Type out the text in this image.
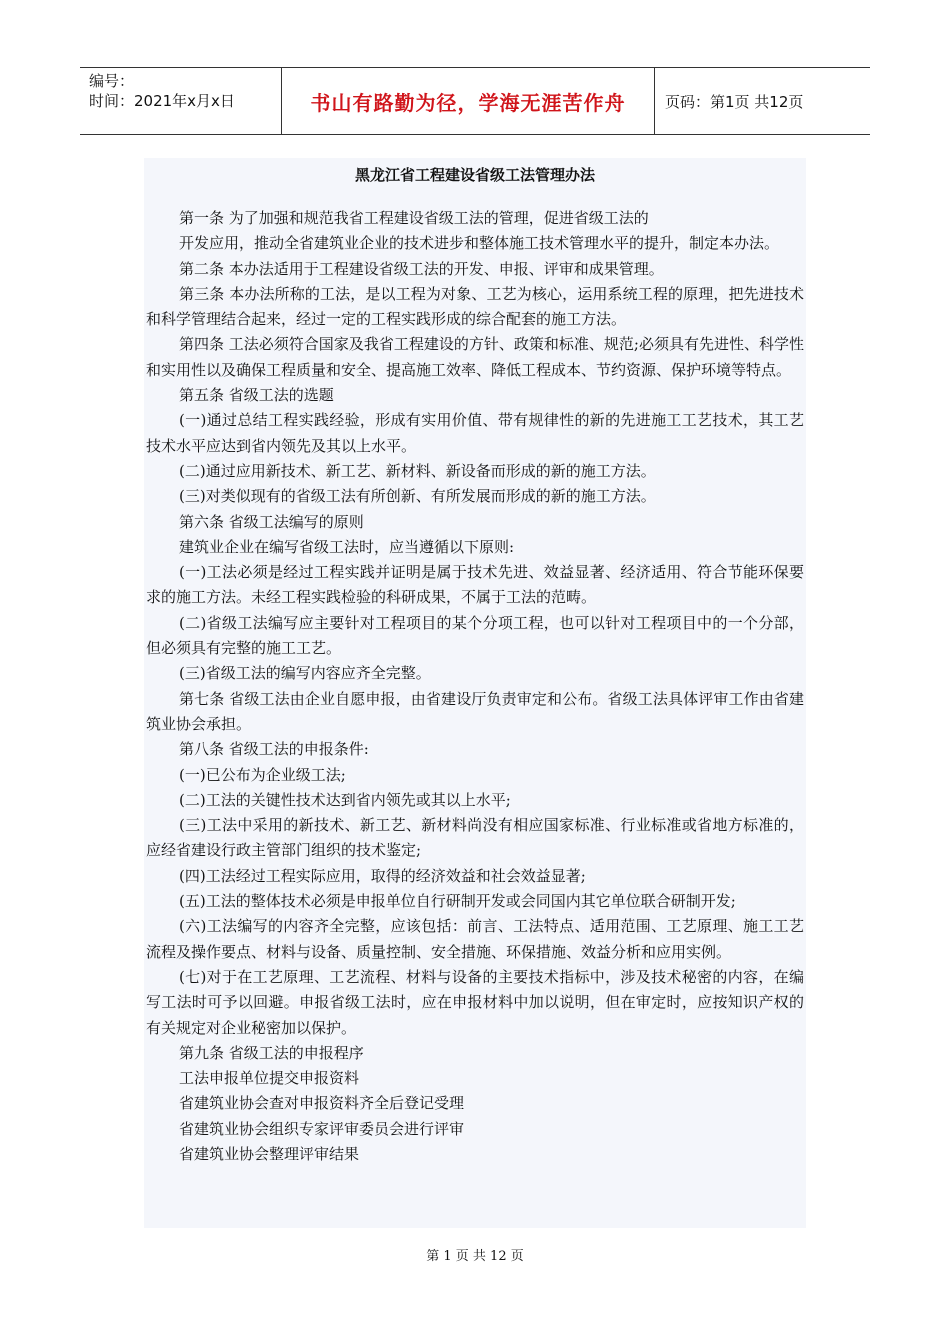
编号：
时间：2021年x月x日	书山有路勤为径，学海无涯苦作舟	页码：第1页 共12页
黑龙江省工程建设省级工法管理办法

第一条 为了加强和规范我省工程建设省级工法的管理，促进省级工法的

开发应用，推动全省建筑业企业的技术进步和整体施工技术管理水平的提升，制定本办法。

第二条 本办法适用于工程建设省级工法的开发、申报、评审和成果管理。

第三条 本办法所称的工法，是以工程为对象、工艺为核心，运用系统工程的原理，把先进技术和科学管理结合起来，经过一定的工程实践形成的综合配套的施工方法。

第四条 工法必须符合国家及我省工程建设的方针、政策和标准、规范;必须具有先进性、科学性和实用性以及确保工程质量和安全、提高施工效率、降低工程成本、节约资源、保护环境等特点。

第五条 省级工法的选题

(一)通过总结工程实践经验，形成有实用价值、带有规律性的新的先进施工工艺技术，其工艺技术水平应达到省内领先及其以上水平。

(二)通过应用新技术、新工艺、新材料、新设备而形成的新的施工方法。

(三)对类似现有的省级工法有所创新、有所发展而形成的新的施工方法。

第六条 省级工法编写的原则

建筑业企业在编写省级工法时，应当遵循以下原则:

(一)工法必须是经过工程实践并证明是属于技术先进、效益显著、经济适用、符合节能环保要求的施工方法。未经工程实践检验的科研成果，不属于工法的范畴。

(二)省级工法编写应主要针对工程项目的某个分项工程，也可以针对工程项目中的一个分部，但必须具有完整的施工工艺。

(三)省级工法的编写内容应齐全完整。

第七条 省级工法由企业自愿申报，由省建设厅负责审定和公布。省级工法具体评审工作由省建筑业协会承担。

第八条 省级工法的申报条件:

(一)已公布为企业级工法;

(二)工法的关键性技术达到省内领先或其以上水平;

(三)工法中采用的新技术、新工艺、新材料尚没有相应国家标准、行业标准或省地方标准的，应经省建设行政主管部门组织的技术鉴定;

(四)工法经过工程实际应用，取得的经济效益和社会效益显著;

(五)工法的整体技术必须是申报单位自行研制开发或会同国内其它单位联合研制开发;

(六)工法编写的内容齐全完整，应该包括：前言、工法特点、适用范围、工艺原理、施工工艺流程及操作要点、材料与设备、质量控制、安全措施、环保措施、效益分析和应用实例。

(七)对于在工艺原理、工艺流程、材料与设备的主要技术指标中，涉及技术秘密的内容，在编写工法时可予以回避。申报省级工法时，应在申报材料中加以说明，但在审定时，应按知识产权的有关规定对企业秘密加以保护。

第九条 省级工法的申报程序

工法申报单位提交申报资料

省建筑业协会查对申报资料齐全后登记受理

省建筑业协会组织专家评审委员会进行评审

省建筑业协会整理评审结果

第 1 页 共 12 页
